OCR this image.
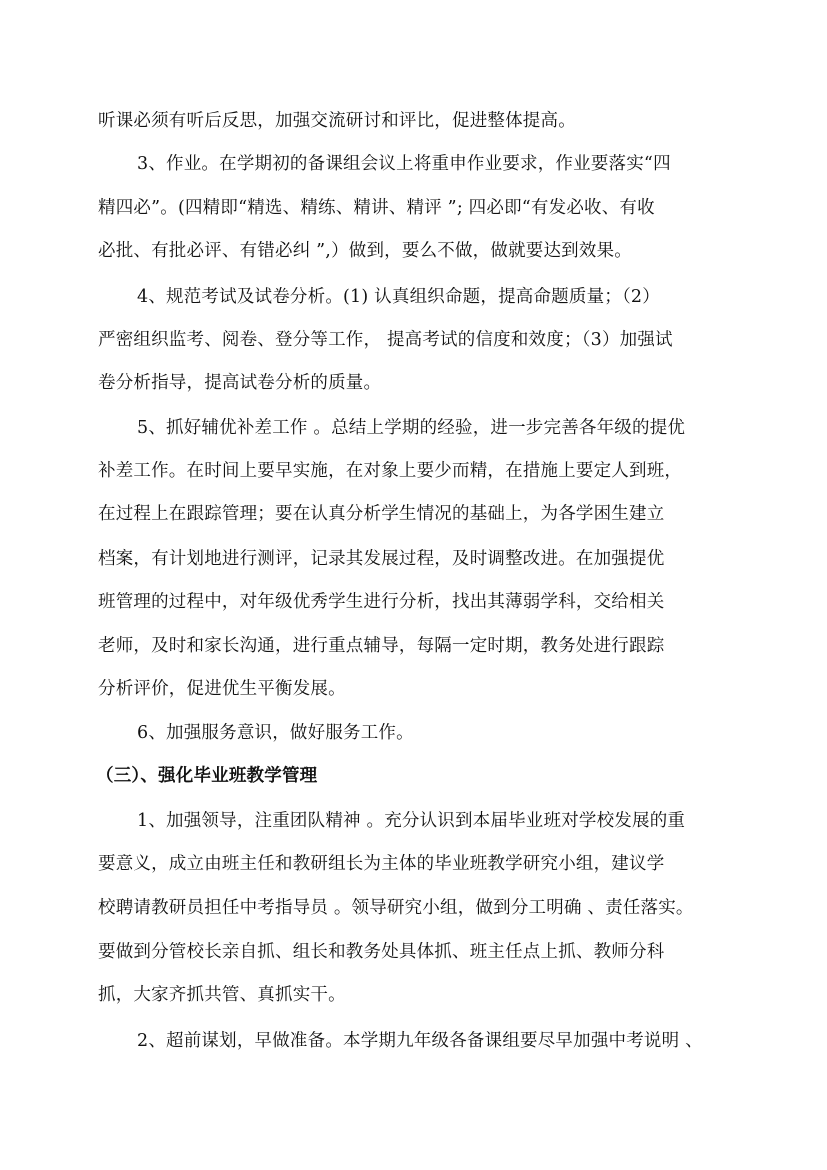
听课必须有听后反思，加强交流研讨和评比，促进整体提高。
3、作业。在学期初的备课组会议上将重申作业要求，作业要落实“四
精四必”。(四精即“精选、精练、精讲、精评 ”; 四必即“有发必收、有收
必批、有批必评、有错必纠 ”,）做到，要么不做，做就要达到效果。
4、规范考试及试卷分析。(1) 认真组织命题，提高命题质量；（2）
严密组织监考、阅卷、登分等工作， 提高考试的信度和效度；（3）加强试
卷分析指导，提高试卷分析的质量。
5、抓好辅优补差工作 。总结上学期的经验，进一步完善各年级的提优
补差工作。在时间上要早实施，在对象上要少而精，在措施上要定人到班，
在过程上在跟踪管理；要在认真分析学生情况的基础上，为各学困生建立
档案，有计划地进行测评，记录其发展过程，及时调整改进。在加强提优
班管理的过程中，对年级优秀学生进行分析，找出其薄弱学科，交给相关
老师，及时和家长沟通，进行重点辅导，每隔一定时期，教务处进行跟踪
分析评价，促进优生平衡发展。
6、加强服务意识，做好服务工作。
（三）、强化毕业班教学管理
1、加强领导，注重团队精神 。充分认识到本届毕业班对学校发展的重
要意义，成立由班主任和教研组长为主体的毕业班教学研究小组，建议学
校聘请教研员担任中考指导员 。领导研究小组，做到分工明确 、责任落实。
要做到分管校长亲自抓、组长和教务处具体抓、班主任点上抓、教师分科
抓，大家齐抓共管、真抓实干。
2、超前谋划，早做准备。本学期九年级各备课组要尽早加强中考说明 、
